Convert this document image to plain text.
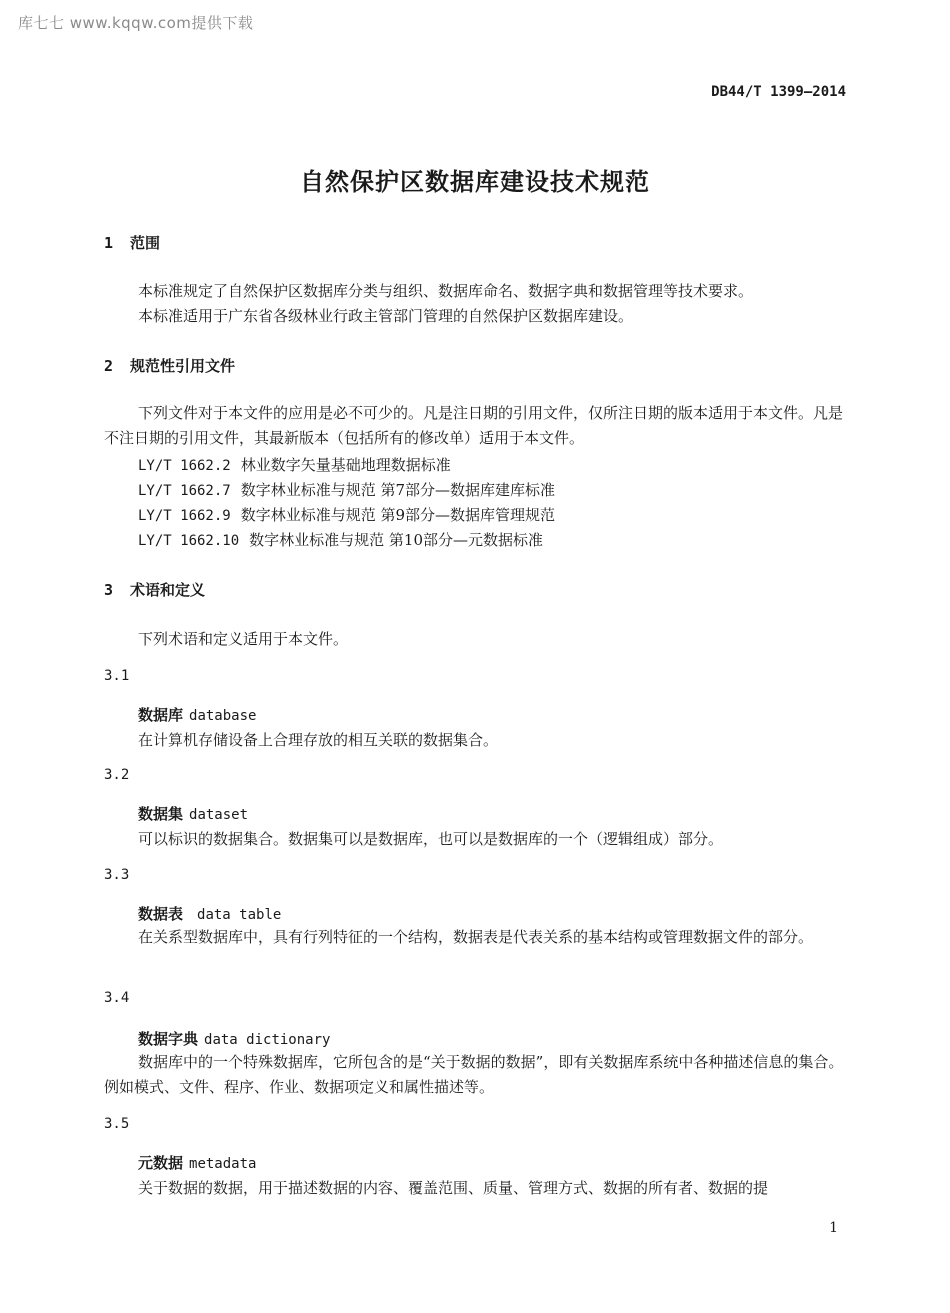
库七七 www.kqqw.com提供下载
DB44/T 1399—2014
自然保护区数据库建设技术规范
1 范围
本标准规定了自然保护区数据库分类与组织、数据库命名、数据字典和数据管理等技术要求。
本标准适用于广东省各级林业行政主管部门管理的自然保护区数据库建设。
2 规范性引用文件
下列文件对于本文件的应用是必不可少的。凡是注日期的引用文件，仅所注日期的版本适用于本文件。凡是不注日期的引用文件，其最新版本（包括所有的修改单）适用于本文件。
LY/T 1662.2 林业数字矢量基础地理数据标准
LY/T 1662.7 数字林业标准与规范 第7部分—数据库建库标准
LY/T 1662.9 数字林业标准与规范 第9部分—数据库管理规范
LY/T 1662.10 数字林业标准与规范 第10部分—元数据标准
3 术语和定义
下列术语和定义适用于本文件。
3.1
数据库 database
在计算机存储设备上合理存放的相互关联的数据集合。
3.2
数据集 dataset
可以标识的数据集合。数据集可以是数据库，也可以是数据库的一个（逻辑组成）部分。
3.3
数据表 data table
在关系型数据库中，具有行列特征的一个结构，数据表是代表关系的基本结构或管理数据文件的部分。
3.4
数据字典 data dictionary
数据库中的一个特殊数据库，它所包含的是“关于数据的数据”，即有关数据库系统中各种描述信息的集合。例如模式、文件、程序、作业、数据项定义和属性描述等。
3.5
元数据 metadata
关于数据的数据，用于描述数据的内容、覆盖范围、质量、管理方式、数据的所有者、数据的提
1
